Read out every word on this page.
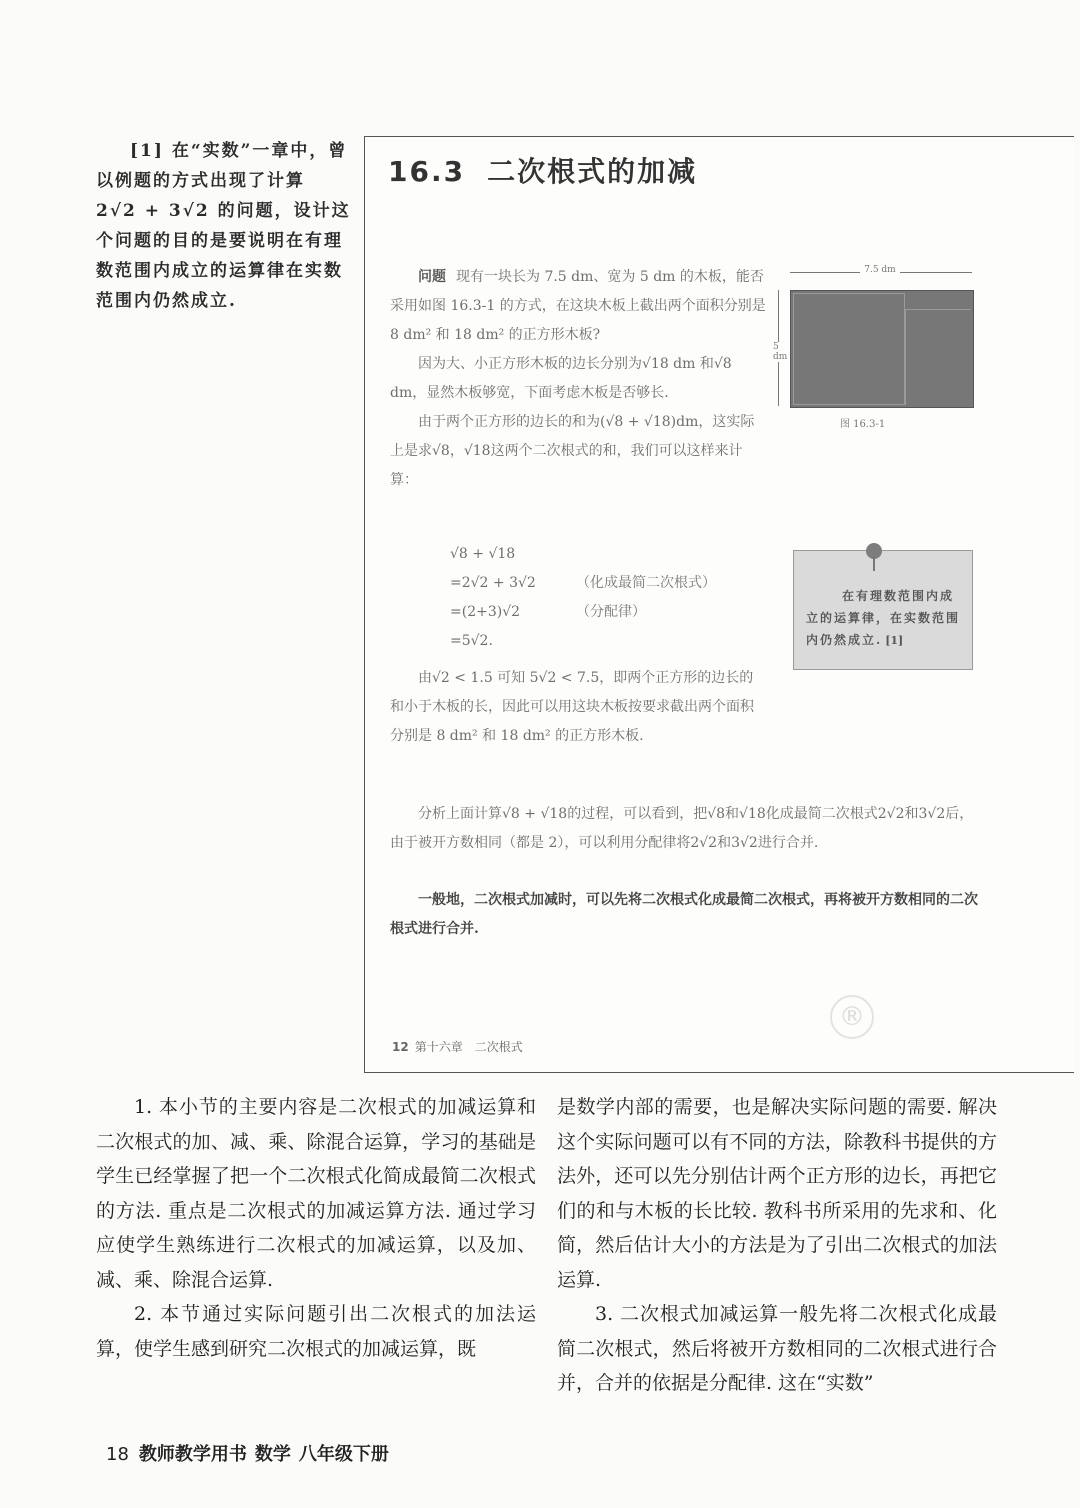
[1] 在“实数”一章中，曾以例题的方式出现了计算 2√2 + 3√2 的问题，设计这个问题的目的是要说明在有理数范围内成立的运算律在实数范围内仍然成立.

®
16.3 二次根式的加减

问题 现有一块长为 7.5 dm、宽为 5 dm 的木板，能否采用如图 16.3-1 的方式，在这块木板上截出两个面积分别是 8 dm² 和 18 dm² 的正方形木板?

因为大、小正方形木板的边长分别为√18 dm 和√8 dm，显然木板够宽，下面考虑木板是否够长.

由于两个正方形的边长的和为(√8 + √18)dm，这实际上是求√8，√18这两个二次根式的和，我们可以这样来计算：

√8 + √18
=2√2 + 3√2	（化成最简二次根式）
=(2+3)√2	（分配律）
=5√2.

由√2 < 1.5 可知 5√2 < 7.5，即两个正方形的边长的和小于木板的长，因此可以用这块木板按要求截出两个面积分别是 8 dm² 和 18 dm² 的正方形木板.

分析上面计算√8 + √18的过程，可以看到，把√8和√18化成最简二次根式2√2和3√2后，由于被开方数相同（都是 2），可以利用分配律将2√2和3√2进行合并.

一般地，二次根式加减时，可以先将二次根式化成最简二次根式，再将被开方数相同的二次根式进行合并.

7.5 dm
5 dm
图 16.3-1
在有理数范围内成立的运算律，在实数范围内仍然成立. [1]
12 第十六章 二次根式

1. 本小节的主要内容是二次根式的加减运算和二次根式的加、减、乘、除混合运算，学习的基础是学生已经掌握了把一个二次根式化简成最简二次根式的方法. 重点是二次根式的加减运算方法. 通过学习应使学生熟练进行二次根式的加减运算，以及加、减、乘、除混合运算.

2. 本节通过实际问题引出二次根式的加法运算，使学生感到研究二次根式的加减运算，既

是数学内部的需要，也是解决实际问题的需要. 解决这个实际问题可以有不同的方法，除教科书提供的方法外，还可以先分别估计两个正方形的边长，再把它们的和与木板的长比较. 教科书所采用的先求和、化简，然后估计大小的方法是为了引出二次根式的加法运算.

3. 二次根式加减运算一般先将二次根式化成最简二次根式，然后将被开方数相同的二次根式进行合并，合并的依据是分配律. 这在“实数”

18 教师教学用书 数学 八年级下册
